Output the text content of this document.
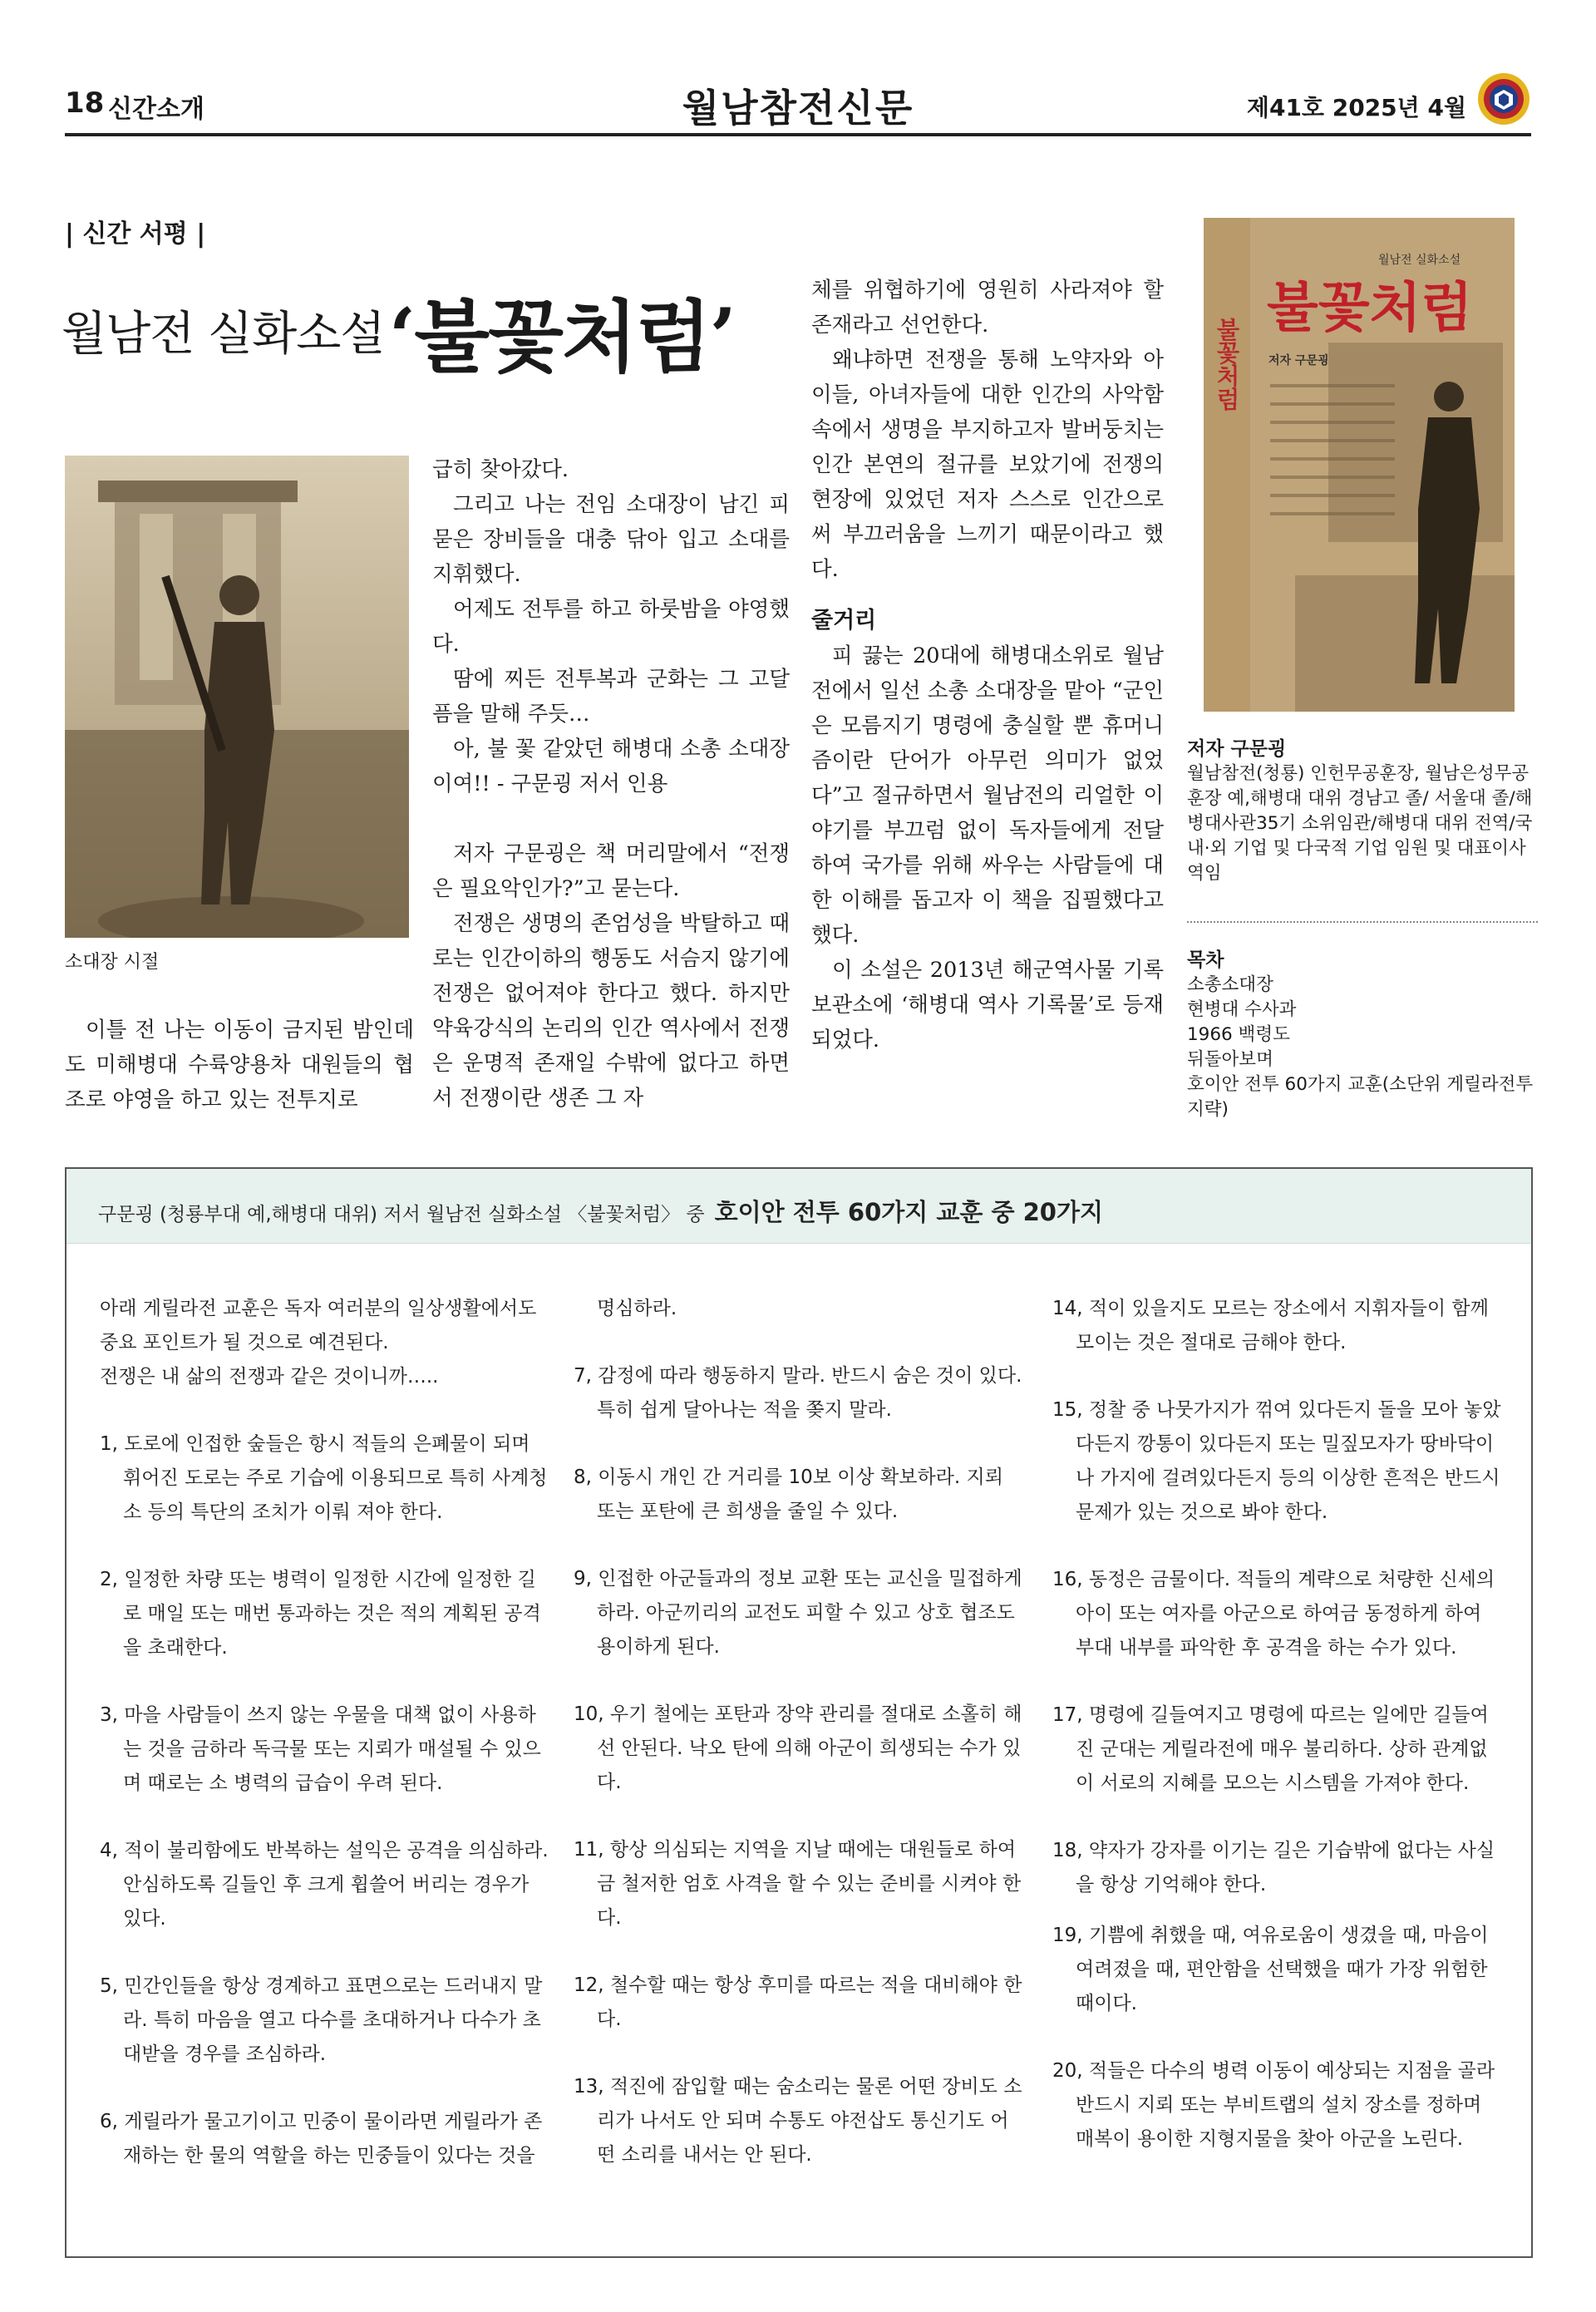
18 신간소개	월남참전신문	제41호 2025년 4월
| 신간 서평 |
월남전 실화소설 ‘불꽃처럼’
소대장 시절

이틀 전 나는 이동이 금지된 밤인데도 미해병대 수륙양용차 대원들의 협조로 야영을 하고 있는 전투지로

급히 찾아갔다.

그리고 나는 전임 소대장이 남긴 피 묻은 장비들을 대충 닦아 입고 소대를 지휘했다.

어제도 전투를 하고 하룻밤을 야영했다.

땀에 찌든 전투복과 군화는 그 고달픔을 말해 주듯…

아, 불 꽃 같았던 해병대 소총 소대장이여!! - 구문굉 저서 인용

저자 구문굉은 책 머리말에서 “전쟁은 필요악인가?”고 묻는다.

전쟁은 생명의 존엄성을 박탈하고 때로는 인간이하의 행동도 서슴지 않기에 전쟁은 없어져야 한다고 했다. 하지만 약육강식의 논리의 인간 역사에서 전쟁은 운명적 존재일 수밖에 없다고 하면서 전쟁이란 생존 그 자

체를 위협하기에 영원히 사라져야 할 존재라고 선언한다.

왜냐하면 전쟁을 통해 노약자와 아이들, 아녀자들에 대한 인간의 사악함 속에서 생명을 부지하고자 발버둥치는 인간 본연의 절규를 보았기에 전쟁의 현장에 있었던 저자 스스로 인간으로써 부끄러움을 느끼기 때문이라고 했다.

줄거리

피 끓는 20대에 해병대소위로 월남전에서 일선 소총 소대장을 맡아 “군인은 모름지기 명령에 충실할 뿐 휴머니즘이란 단어가 아무런 의미가 없었다”고 절규하면서 월남전의 리얼한 이야기를 부끄럼 없이 독자들에게 전달하여 국가를 위해 싸우는 사람들에 대한 이해를 돕고자 이 책을 집필했다고 했다.

이 소설은 2013년 해군역사물 기록보관소에 ‘해병대 역사 기록물’로 등재 되었다.

불꽃처럼
월남전 실화소설
불꽃처럼
저자 구문굉
저자 구문굉
월남참전(청룡) 인헌무공훈장, 월남은성무공훈장 예,해병대 대위 경남고 졸/ 서울대 졸/해병대사관35기 소위임관/해병대 대위 전역/국내·외 기업 및 다국적 기업 임원 및 대표이사 역임
목차
소총소대장
현병대 수사과
1966 백령도
뒤돌아보며
호이안 전투 60가지 교훈(소단위 게릴라전투지략)
구문굉 (청룡부대 예,해병대 대위) 저서 월남전 실화소설 〈불꽃처럼〉 중 호이안 전투 60가지 교훈 중 20가지
아래 게릴라전 교훈은 독자 여러분의 일상생활에서도 중요 포인트가 될 것으로 예견된다.
전쟁은 내 삶의 전쟁과 같은 것이니까…..
1, 도로에 인접한 숲들은 항시 적들의 은폐물이 되며 휘어진 도로는 주로 기습에 이용되므로 특히 사계청소 등의 특단의 조치가 이뤄 져야 한다.
2, 일정한 차량 또는 병력이 일정한 시간에 일정한 길로 매일 또는 매번 통과하는 것은 적의 계획된 공격을 초래한다.
3, 마을 사람들이 쓰지 않는 우물을 대책 없이 사용하는 것을 금하라 독극물 또는 지뢰가 매설될 수 있으며 때로는 소 병력의 급습이 우려 된다.
4, 적이 불리함에도 반복하는 설익은 공격을 의심하라. 안심하도록 길들인 후 크게 휩쓸어 버리는 경우가 있다.
5, 민간인들을 항상 경계하고 표면으로는 드러내지 말라. 특히 마음을 열고 다수를 초대하거나 다수가 초대받을 경우를 조심하라.
6, 게릴라가 물고기이고 민중이 물이라면 게릴라가 존재하는 한 물의 역할을 하는 민중들이 있다는 것을
명심하라.
7, 감정에 따라 행동하지 말라. 반드시 숨은 것이 있다. 특히 쉽게 달아나는 적을 쫒지 말라.
8, 이동시 개인 간 거리를 10보 이상 확보하라. 지뢰 또는 포탄에 큰 희생을 줄일 수 있다.
9, 인접한 아군들과의 정보 교환 또는 교신을 밀접하게 하라. 아군끼리의 교전도 피할 수 있고 상호 협조도 용이하게 된다.
10, 우기 철에는 포탄과 장약 관리를 절대로 소홀히 해선 안된다. 낙오 탄에 의해 아군이 희생되는 수가 있다.
11, 항상 의심되는 지역을 지날 때에는 대원들로 하여금 철저한 엄호 사격을 할 수 있는 준비를 시켜야 한다.
12, 철수할 때는 항상 후미를 따르는 적을 대비해야 한다.
13, 적진에 잠입할 때는 숨소리는 물론 어떤 장비도 소리가 나서도 안 되며 수통도 야전삽도 통신기도 어떤 소리를 내서는 안 된다.
14, 적이 있을지도 모르는 장소에서 지휘자들이 함께 모이는 것은 절대로 금해야 한다.
15, 정찰 중 나뭇가지가 꺾여 있다든지 돌을 모아 놓았다든지 깡통이 있다든지 또는 밀짚모자가 땅바닥이나 가지에 걸려있다든지 등의 이상한 흔적은 반드시 문제가 있는 것으로 봐야 한다.
16, 동정은 금물이다. 적들의 계략으로 처량한 신세의 아이 또는 여자를 아군으로 하여금 동정하게 하여 부대 내부를 파악한 후 공격을 하는 수가 있다.
17, 명령에 길들여지고 명령에 따르는 일에만 길들여진 군대는 게릴라전에 매우 불리하다. 상하 관계없이 서로의 지혜를 모으는 시스템을 가져야 한다.
18, 약자가 강자를 이기는 길은 기습밖에 없다는 사실을 항상 기억해야 한다.
19, 기쁨에 취했을 때, 여유로움이 생겼을 때, 마음이 여려졌을 때, 편안함을 선택했을 때가 가장 위험한 때이다.
20, 적들은 다수의 병력 이동이 예상되는 지점을 골라 반드시 지뢰 또는 부비트랩의 설치 장소를 정하며 매복이 용이한 지형지물을 찾아 아군을 노린다.
